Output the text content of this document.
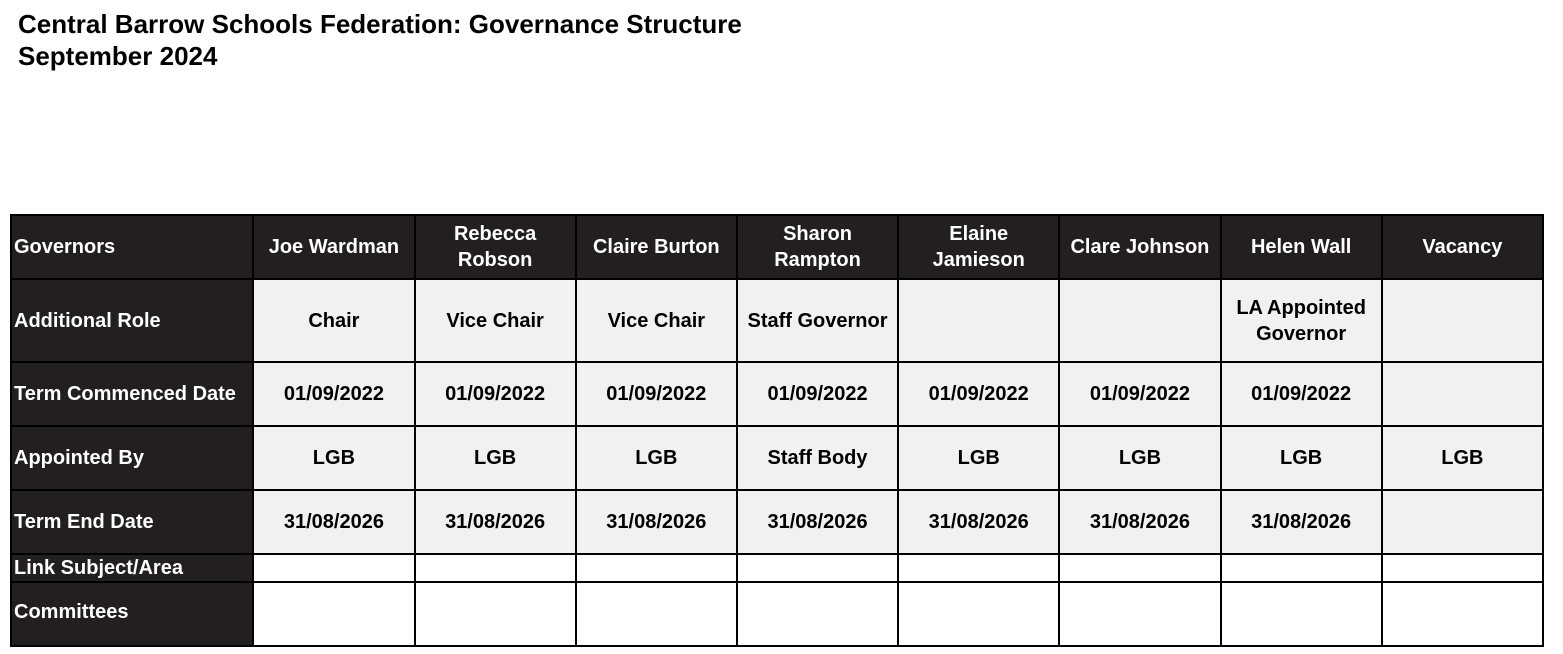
Central Barrow Schools Federation: Governance Structure
September 2024
Governors	Joe Wardman	Rebecca Robson	Claire Burton	Sharon Rampton	Elaine Jamieson	Clare Johnson	Helen Wall	Vacancy
Additional Role	Chair	Vice Chair	Vice Chair	Staff Governor			LA Appointed Governor	
Term Commenced Date	01/09/2022	01/09/2022	01/09/2022	01/09/2022	01/09/2022	01/09/2022	01/09/2022	
Appointed By	LGB	LGB	LGB	Staff Body	LGB	LGB	LGB	LGB
Term End Date	31/08/2026	31/08/2026	31/08/2026	31/08/2026	31/08/2026	31/08/2026	31/08/2026	
Link Subject/Area								
Committees								
